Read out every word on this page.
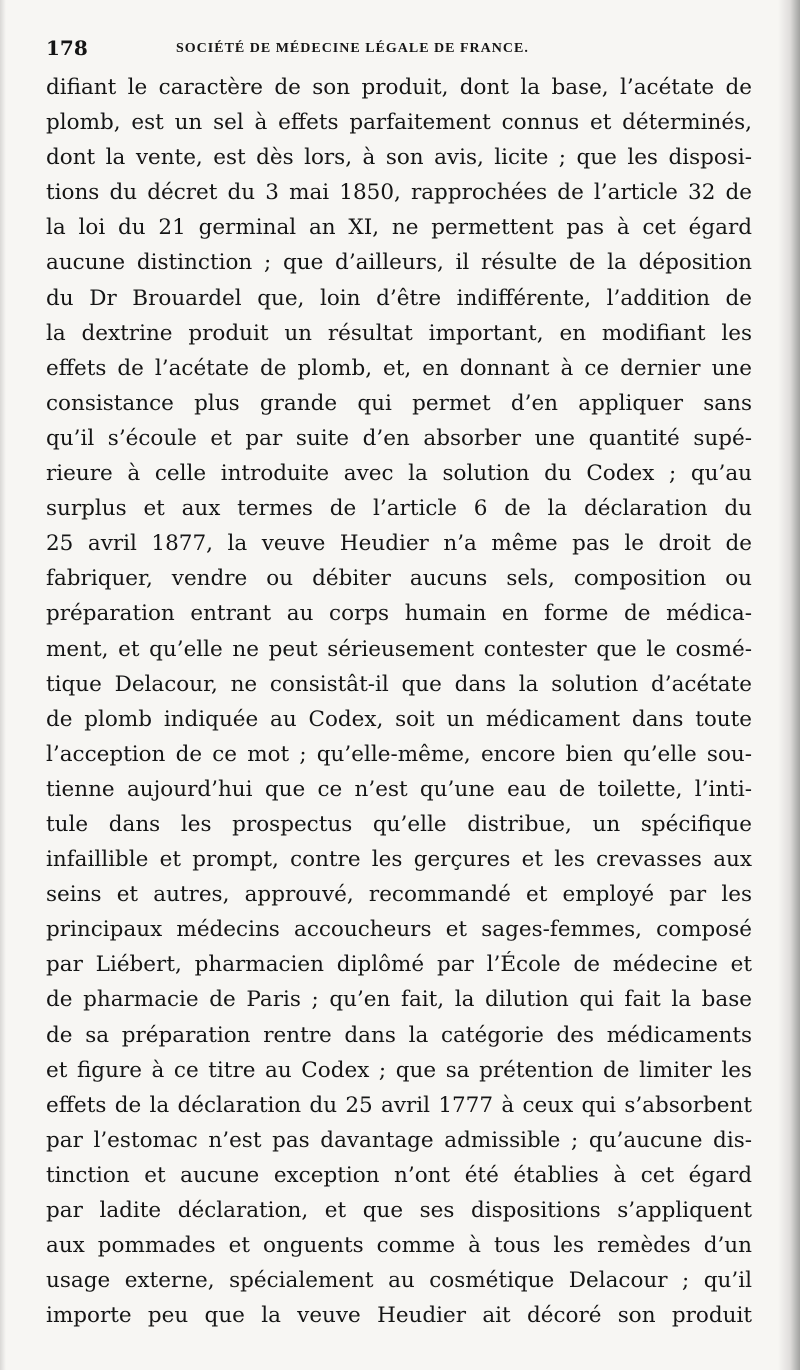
178	SOCIÉTÉ DE MÉDECINE LÉGALE DE FRANCE.
difiant le caractère de son produit, dont la base, l’acétate de
plomb, est un sel à effets parfaitement connus et déterminés,
dont la vente, est dès lors, à son avis, licite ; que les disposi-
tions du décret du 3 mai 1850, rapprochées de l’article 32 de
la loi du 21 germinal an XI, ne permettent pas à cet égard
aucune distinction ; que d’ailleurs, il résulte de la déposition
du Dr Brouardel que, loin d’être indifférente, l’addition de
la dextrine produit un résultat important, en modifiant les
effets de l’acétate de plomb, et, en donnant à ce dernier une
consistance plus grande qui permet d’en appliquer sans
qu’il s’écoule et par suite d’en absorber une quantité supé-
rieure à celle introduite avec la solution du Codex ; qu’au
surplus et aux termes de l’article 6 de la déclaration du
25 avril 1877, la veuve Heudier n’a même pas le droit de
fabriquer, vendre ou débiter aucuns sels, composition ou
préparation entrant au corps humain en forme de médica-
ment, et qu’elle ne peut sérieusement contester que le cosmé-
tique Delacour, ne consistât-il que dans la solution d’acétate
de plomb indiquée au Codex, soit un médicament dans toute
l’acception de ce mot ; qu’elle-même, encore bien qu’elle sou-
tienne aujourd’hui que ce n’est qu’une eau de toilette, l’inti-
tule dans les prospectus qu’elle distribue, un spécifique
infaillible et prompt, contre les gerçures et les crevasses aux
seins et autres, approuvé, recommandé et employé par les
principaux médecins accoucheurs et sages-femmes, composé
par Liébert, pharmacien diplômé par l’École de médecine et
de pharmacie de Paris ; qu’en fait, la dilution qui fait la base
de sa préparation rentre dans la catégorie des médicaments
et figure à ce titre au Codex ; que sa prétention de limiter les
effets de la déclaration du 25 avril 1777 à ceux qui s’absorbent
par l’estomac n’est pas davantage admissible ; qu’aucune dis-
tinction et aucune exception n’ont été établies à cet égard
par ladite déclaration, et que ses dispositions s’appliquent
aux pommades et onguents comme à tous les remèdes d’un
usage externe, spécialement au cosmétique Delacour ; qu’il
importe peu que la veuve Heudier ait décoré son produit
